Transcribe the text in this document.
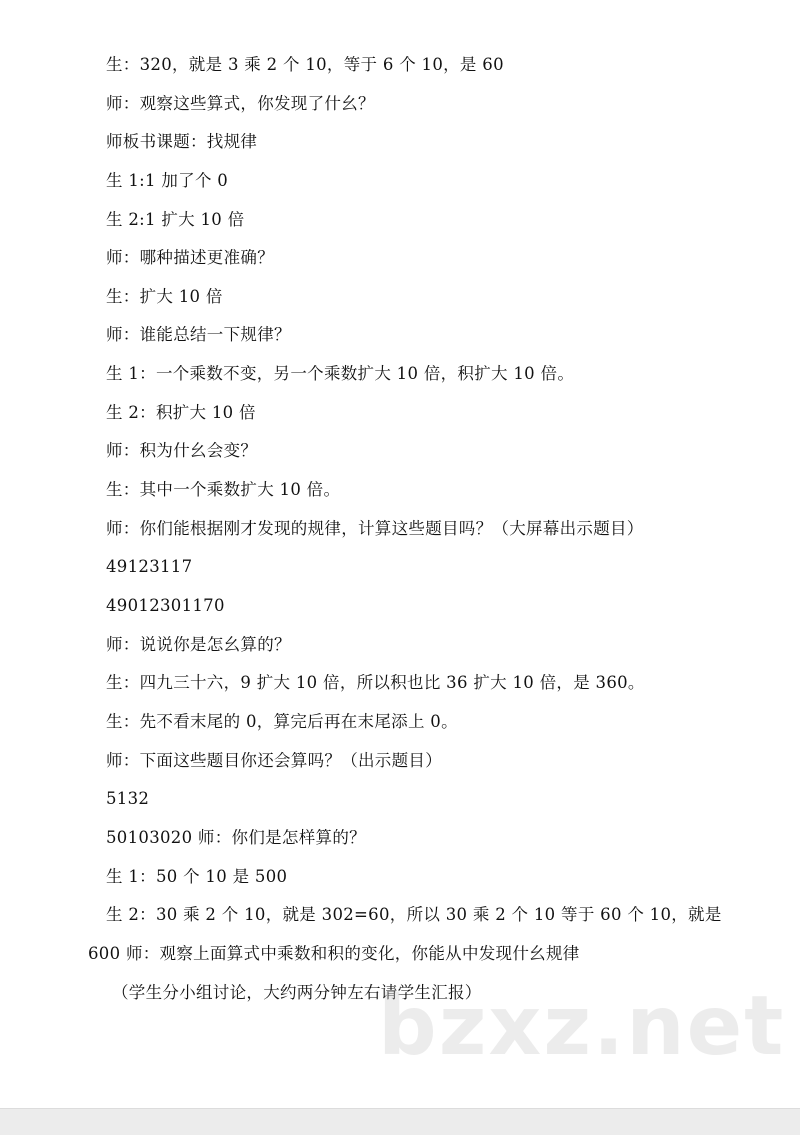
生：320，就是 3 乘 2 个 10，等于 6 个 10，是 60
师：观察这些算式，你发现了什幺？
师板书课题：找规律
生 1:1 加了个 0
生 2:1 扩大 10 倍
师：哪种描述更准确？
生：扩大 10 倍
师：谁能总结一下规律？
生 1：一个乘数不变，另一个乘数扩大 10 倍，积扩大 10 倍。
生 2：积扩大 10 倍
师：积为什幺会变？
生：其中一个乘数扩大 10 倍。
师：你们能根据刚才发现的规律，计算这些题目吗？（大屏幕出示题目）
49123117
49012301170
师：说说你是怎幺算的？
生：四九三十六，9 扩大 10 倍，所以积也比 36 扩大 10 倍，是 360。
生：先不看末尾的 0，算完后再在末尾添上 0。
师：下面这些题目你还会算吗？（出示题目）
5132
50103020 师：你们是怎样算的？
生 1：50 个 10 是 500
生 2：30 乘 2 个 10，就是 302=60，所以 30 乘 2 个 10 等于 60 个 10，就是
600 师：观察上面算式中乘数和积的变化，你能从中发现什幺规律
（学生分小组讨论，大约两分钟左右请学生汇报）
bzxz.net
